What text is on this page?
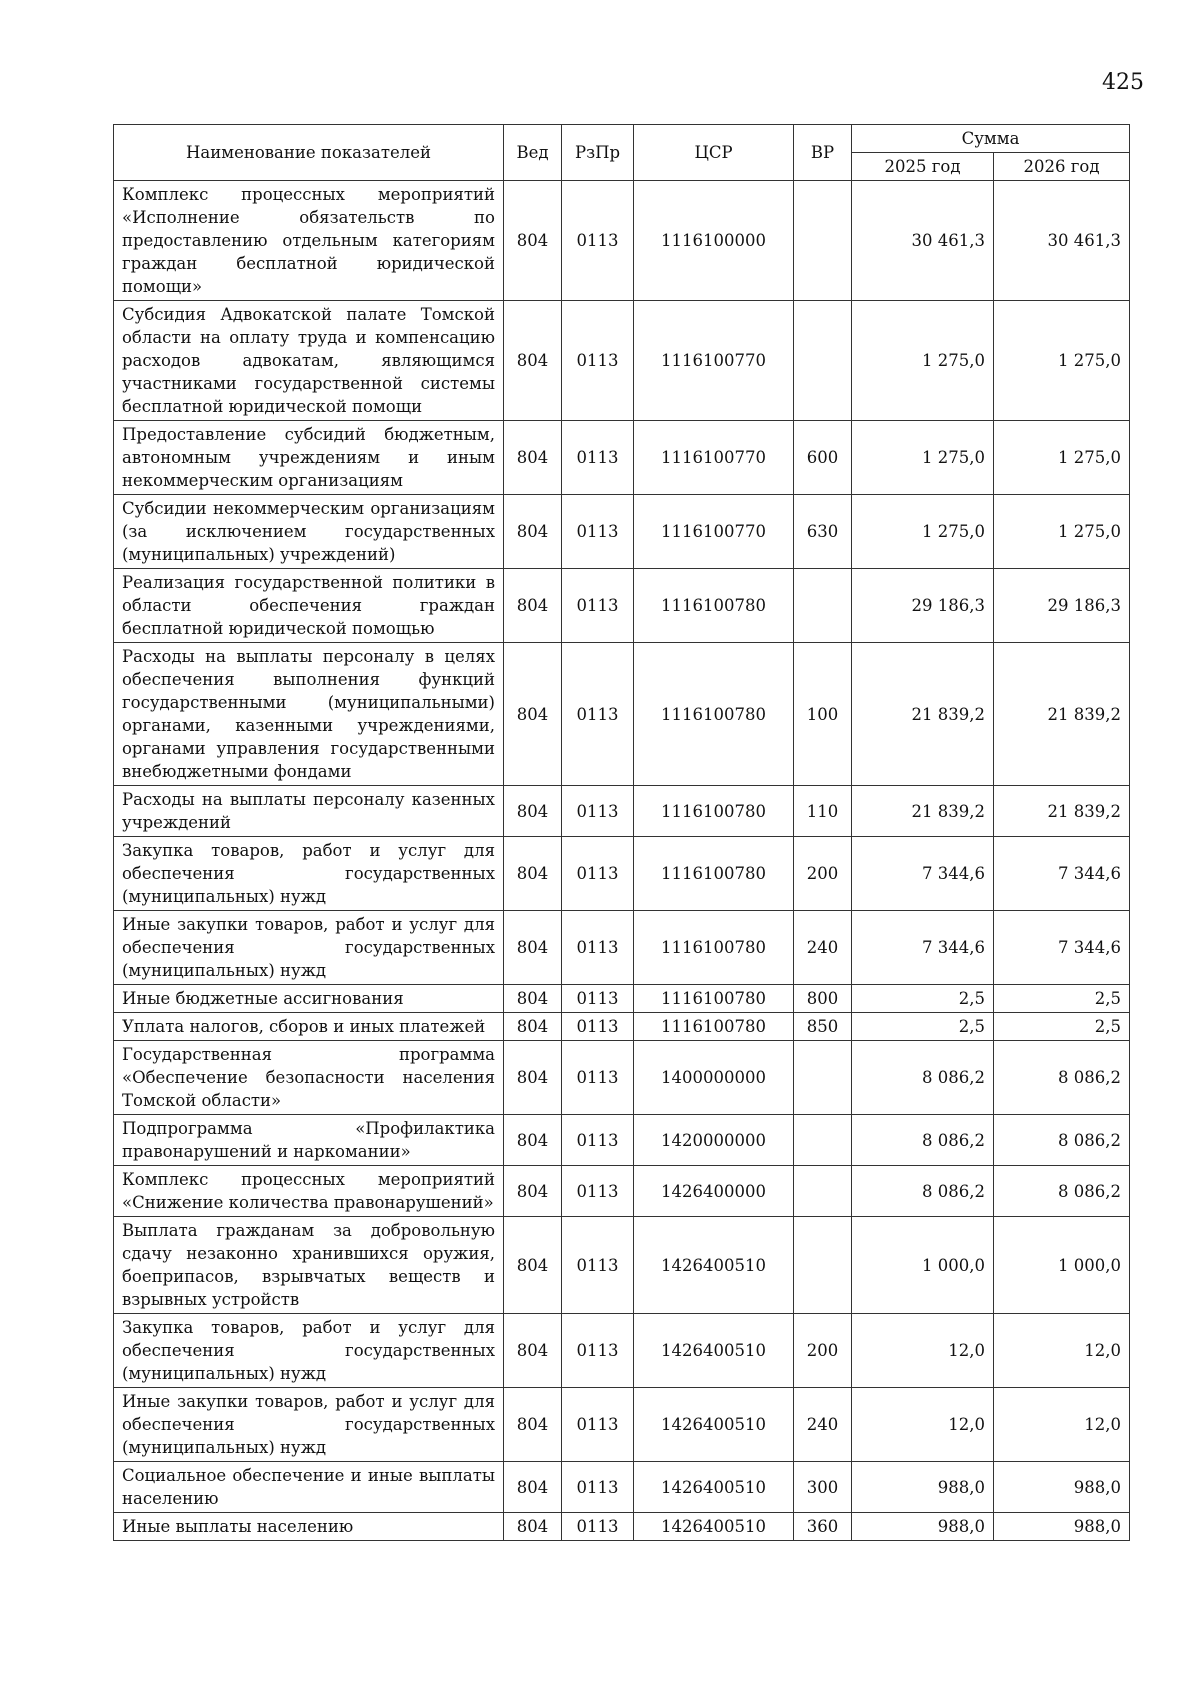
425
Наименование показателей	Вед	РзПр	ЦСР	ВР	Сумма	
					2025 год	2026 год
Комплекс процессных мероприятий «Исполнение обязательств по предоставлению отдельным категориям граждан бесплатной юридической помощи»	804	0113	1116100000		30 461,3	30 461,3
Субсидия Адвокатской палате Томской области на оплату труда и компенсацию расходов адвокатам, являющимся участниками государственной системы бесплатной юридической помощи	804	0113	1116100770		1 275,0	1 275,0
Предоставление субсидий бюджетным, автономным учреждениям и иным некоммерческим организациям	804	0113	1116100770	600	1 275,0	1 275,0
Субсидии некоммерческим организациям (за исключением государственных (муниципальных) учреждений)	804	0113	1116100770	630	1 275,0	1 275,0
Реализация государственной политики в области обеспечения граждан бесплатной юридической помощью	804	0113	1116100780		29 186,3	29 186,3
Расходы на выплаты персоналу в целях обеспечения выполнения функций государственными (муниципальными) органами, казенными учреждениями, органами управления государственными внебюджетными фондами	804	0113	1116100780	100	21 839,2	21 839,2
Расходы на выплаты персоналу казенных учреждений	804	0113	1116100780	110	21 839,2	21 839,2
Закупка товаров, работ и услуг для обеспечения государственных (муниципальных) нужд	804	0113	1116100780	200	7 344,6	7 344,6
Иные закупки товаров, работ и услуг для обеспечения государственных (муниципальных) нужд	804	0113	1116100780	240	7 344,6	7 344,6
Иные бюджетные ассигнования	804	0113	1116100780	800	2,5	2,5
Уплата налогов, сборов и иных платежей	804	0113	1116100780	850	2,5	2,5
Государственная программа «Обеспечение безопасности населения Томской области»	804	0113	1400000000		8 086,2	8 086,2
Подпрограмма «Профилактика правонарушений и наркомании»	804	0113	1420000000		8 086,2	8 086,2
Комплекс процессных мероприятий «Снижение количества правонарушений»	804	0113	1426400000		8 086,2	8 086,2
Выплата гражданам за добровольную сдачу незаконно хранившихся оружия, боеприпасов, взрывчатых веществ и взрывных устройств	804	0113	1426400510		1 000,0	1 000,0
Закупка товаров, работ и услуг для обеспечения государственных (муниципальных) нужд	804	0113	1426400510	200	12,0	12,0
Иные закупки товаров, работ и услуг для обеспечения государственных (муниципальных) нужд	804	0113	1426400510	240	12,0	12,0
Социальное обеспечение и иные выплаты населению	804	0113	1426400510	300	988,0	988,0
Иные выплаты населению	804	0113	1426400510	360	988,0	988,0
